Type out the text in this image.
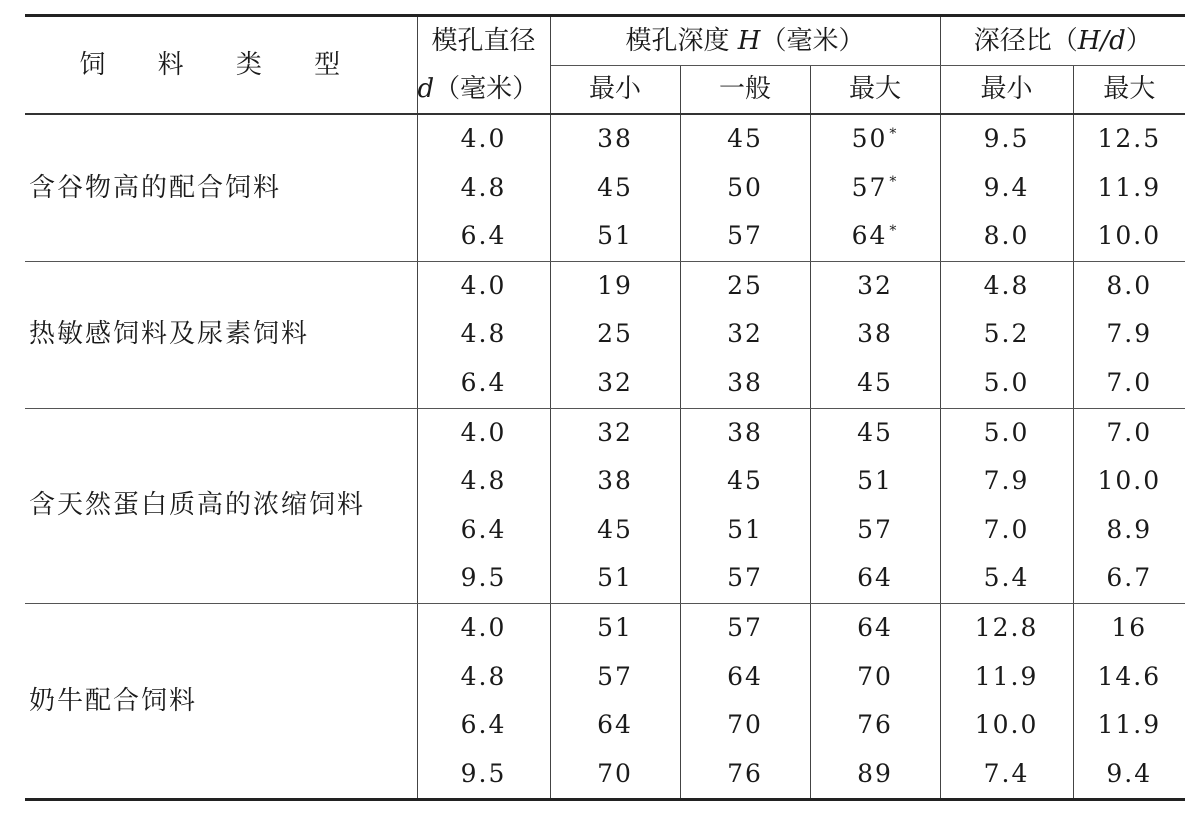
饲 料 类 型	模孔直径	模孔深度 H（毫米）			深径比（H/d）	
	d（毫米）	最小	一般	最大	最小	最大
含谷物高的配合饲料	4.0	38	45	50 *	9.5	12.5
	4.8	45	50	57 *	9.4	11.9
	6.4	51	57	64 *	8.0	10.0
热敏感饲料及尿素饲料	4.0	19	25	32	4.8	8.0
	4.8	25	32	38	5.2	7.9
	6.4	32	38	45	5.0	7.0
含天然蛋白质高的浓缩饲料	4.0	32	38	45	5.0	7.0
	4.8	38	45	51	7.9	10.0
	6.4	45	51	57	7.0	8.9
	9.5	51	57	64	5.4	6.7
奶牛配合饲料	4.0	51	57	64	12.8	16
	4.8	57	64	70	11.9	14.6
	6.4	64	70	76	10.0	11.9
	9.5	70	76	89	7.4	9.4
